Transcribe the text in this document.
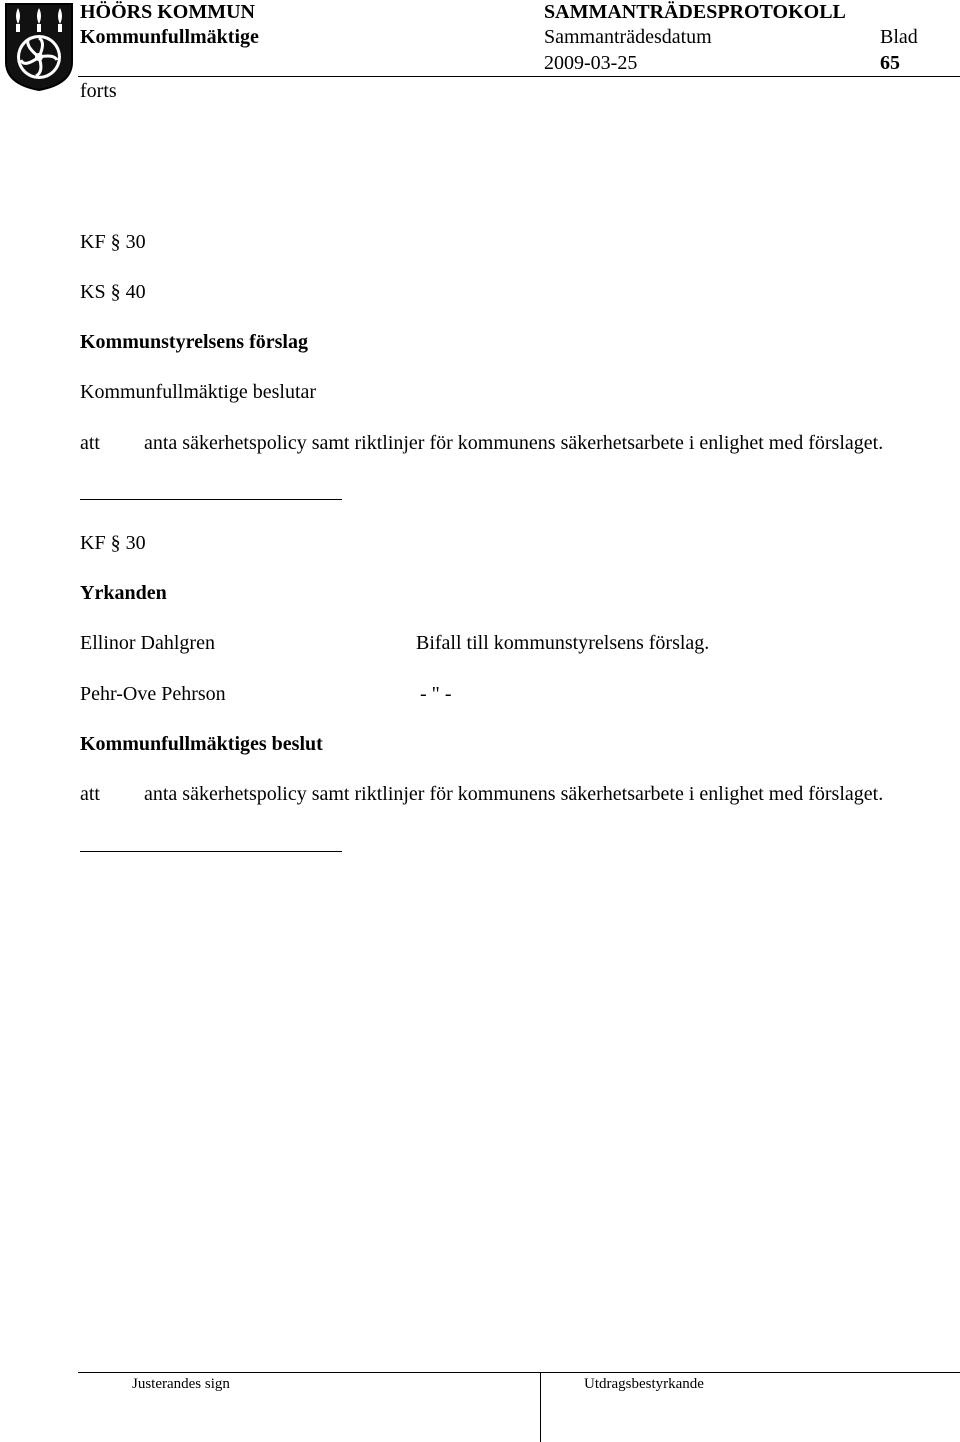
HÖÖRS KOMMUN
Kommunfullmäktige
SAMMANTRÄDESPROTOKOLL
Sammanträdesdatum
2009-03-25
Blad
65
forts
KF § 30
KS § 40
Kommunstyrelsens förslag
Kommunfullmäktige beslutar
att anta säkerhetspolicy samt riktlinjer för kommunens säkerhetsarbete i enlighet med förslaget.
KF § 30
Yrkanden
Ellinor Dahlgren	Bifall till kommunstyrelsens förslag.
Pehr-Ove Pehrson	- " -
Kommunfullmäktiges beslut
att anta säkerhetspolicy samt riktlinjer för kommunens säkerhetsarbete i enlighet med förslaget.
Justerandes sign	Utdragsbestyrkande
